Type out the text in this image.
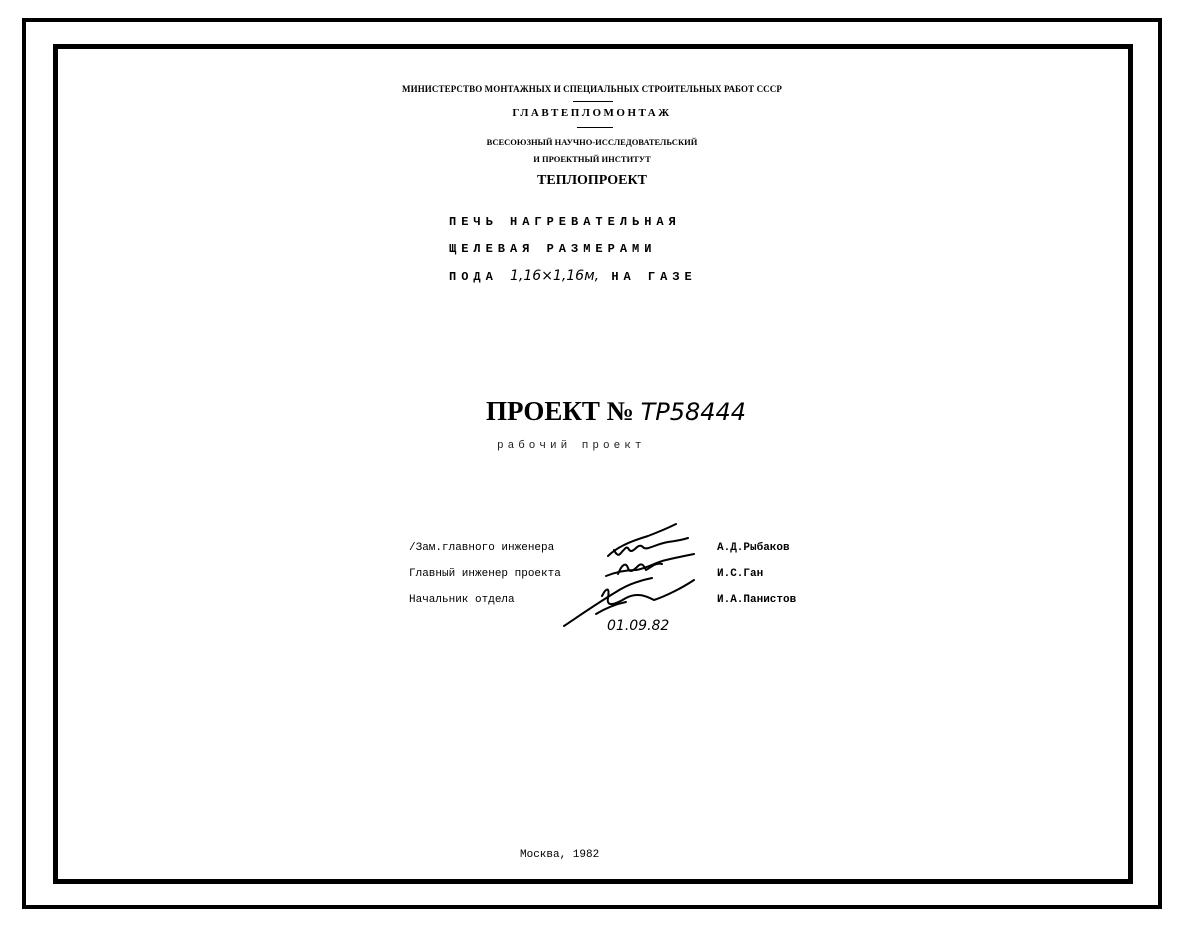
МИНИСТЕРСТВО МОНТАЖНЫХ И СПЕЦИАЛЬНЫХ СТРОИТЕЛЬНЫХ РАБОТ СССР
ГЛАВТЕПЛОМОНТАЖ
ВСЕСОЮЗНЫЙ НАУЧНО-ИССЛЕДОВАТЕЛЬСКИЙ
И ПРОЕКТНЫЙ ИНСТИТУТ
ТЕПЛОПРОЕКТ
ПЕЧЬ НАГРЕВАТЕЛЬНАЯ
ЩЕЛЕВАЯ РАЗМЕРАМИ
ПОДА 1,16×1,16м, НА ГАЗЕ
ПРОЕКТ № ТР58444
рабочий проект
/Зам.главного инженера
Главный инженер проекта
Начальник отдела
А.Д.Рыбаков
И.С.Ган
И.А.Панистов
01.09.82
Москва, 1982
